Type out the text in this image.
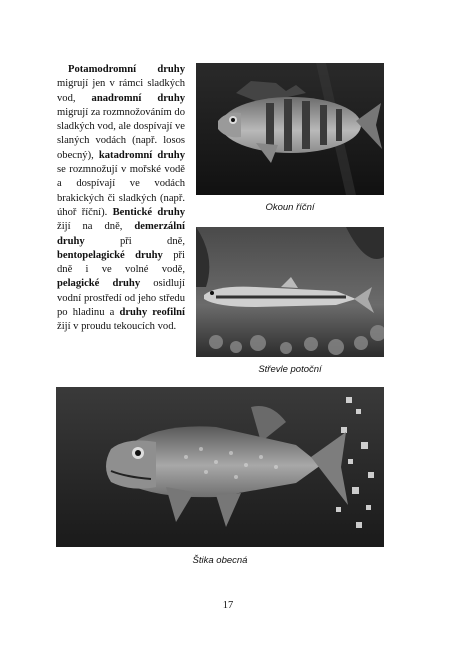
Potamodromní druhy migrují jen v rámci sladkých vod, anadromní druhy migrují za rozmnožováním do sladkých vod, ale dospívají ve slaných vodách (např. losos obecný), katadromní druhy se rozmnožují v mořské vodě a dospívají ve vodách brakických či sladkých (např. úhoř říční). Bentické druhy žijí na dně, demerzální druhy při dně, bentopelagické druhy při dně i ve volné vodě, pelagické druhy osidlují vodní prostředí od jeho středu po hladinu a druhy reofilní žijí v proudu tekoucích vod.

Okoun říční
Střevle potoční
Štika obecná
17
